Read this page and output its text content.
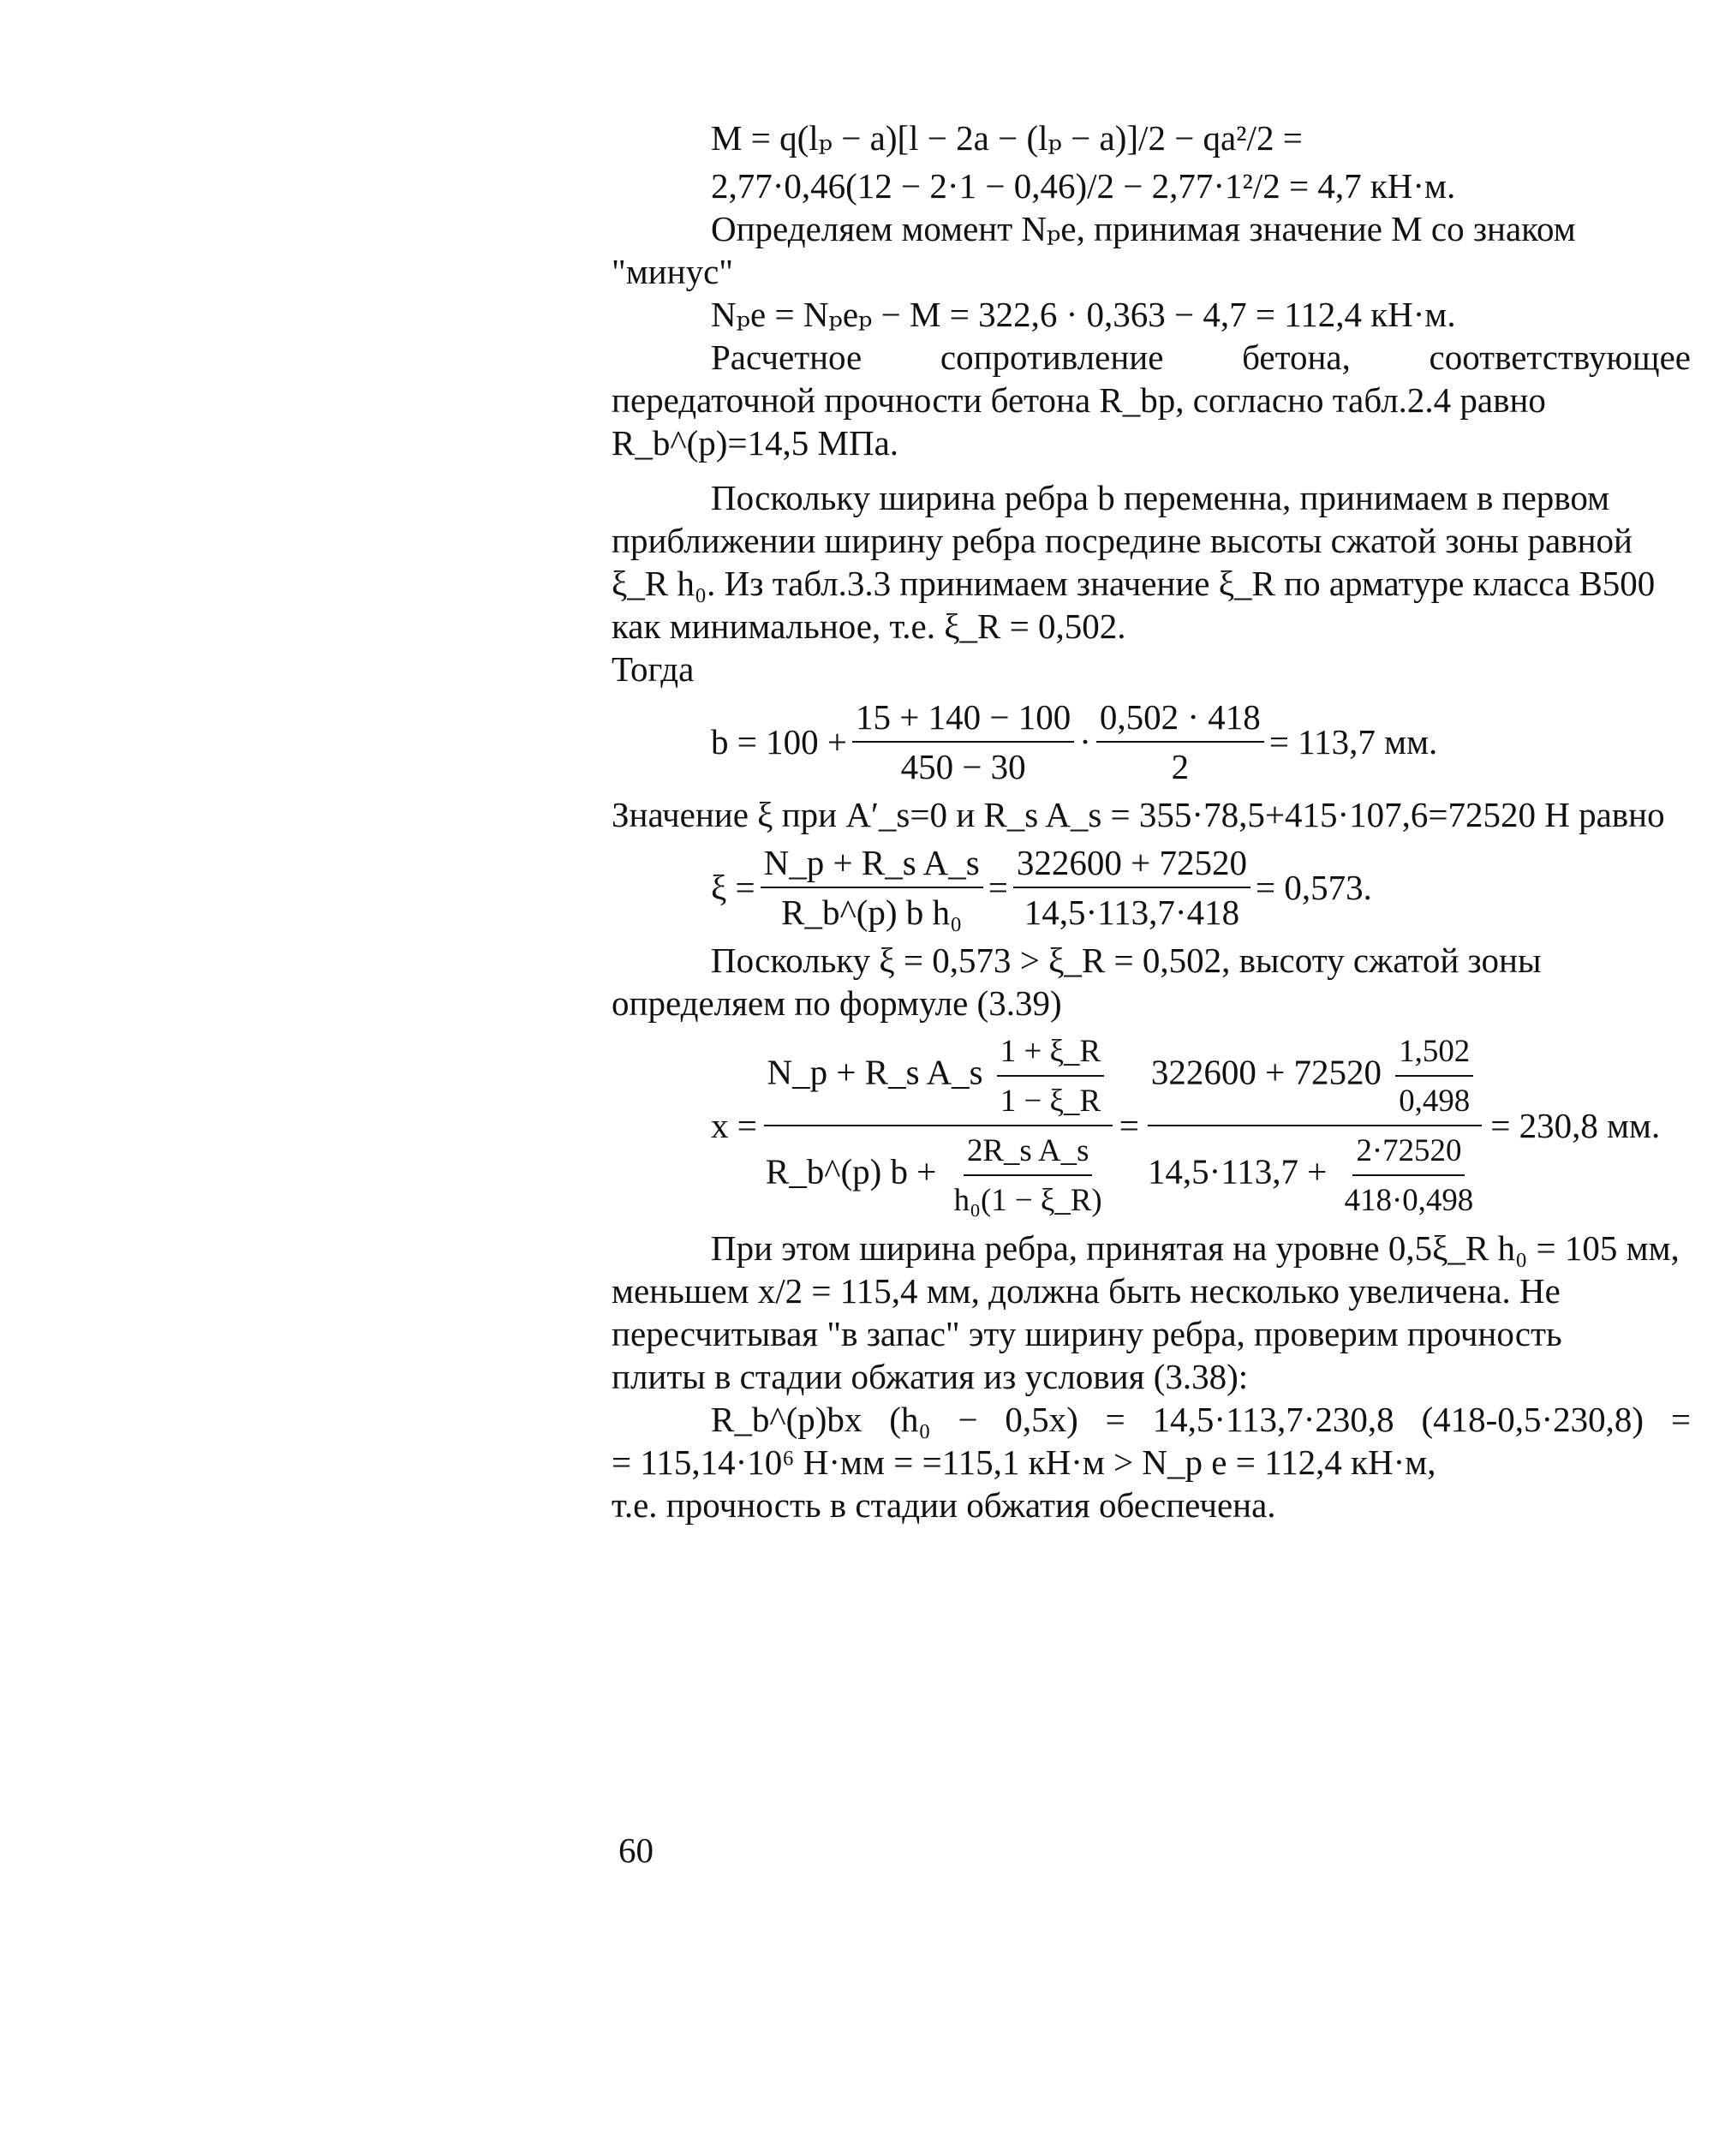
M = q(lₚ − a)[l − 2a − (lₚ − a)]/2 − qa²/2 =
2,77·0,46(12 − 2·1 − 0,46)/2 − 2,77·1²/2 = 4,7 кН·м.
Определяем момент Nₚe, принимая значение M со знаком
"минус"
Nₚe = Nₚeₚ − M = 322,6 · 0,363 − 4,7 = 112,4 кН·м.
Расчетное сопротивление бетона, соответствующее
передаточной прочности бетона R_bp, согласно табл.2.4 равно
R_b^(p)=14,5 МПа.
Поскольку ширина ребра b переменна, принимаем в первом
приближении ширину ребра посредине высоты сжатой зоны равной
ξ_R h₀. Из табл.3.3 принимаем значение ξ_R по арматуре класса В500
как минимальное, т.е. ξ_R = 0,502.
Тогда
$b = 100 + \frac{15 + 140 - 100}{450 - 30} \cdot \frac{0,502 \cdot 418}{2} = 113,7$ мм.
Значение ξ при A′_s=0 и R_s A_s = 355·78,5+415·107,6=72520 Н равно
$\xi = \frac{\text{N\_p + R\_s A\_s}}{\text{R\_b\textasciicircum{}(p) b h₀}} = \frac{322600 + 72520}{14,5\cdot 113,7\cdot 418} = 0,573$.
Поскольку ξ = 0,573 > ξ_R = 0,502, высоту сжатой зоны
определяем по формуле (3.39)
x =
N_p + R_s A_s $\frac{1 + \xi\_R}{1 - \xi\_R}$
R_b^(p) $b + \frac{\text{2R\_s A\_s}}{\text{h₀(1 − ξ\_R)}}$
= $\frac{322600 + 72520 \frac{1,502}{0,498}}{14,5\cdot 113,7 + \frac{2\cdot 72520}{418\cdot 0,498}} = 230,8$ мм.
При этом ширина ребра, принятая на уровне 0,5ξ_R h₀ = 105 мм,
меньшем x/2 = 115,4 мм, должна быть несколько увеличена. Не
пересчитывая "в запас" эту ширину ребра, проверим прочность
плиты в стадии обжатия из условия (3.38):
R_b^(p)bx (h₀ − 0,5x) = 14,5·113,7·230,8 (418-0,5·230,8) =
= 115,14·10⁶ Н·мм = =115,1 кН·м > N_p e = 112,4 кН·м,
т.е. прочность в стадии обжатия обеспечена.
60
